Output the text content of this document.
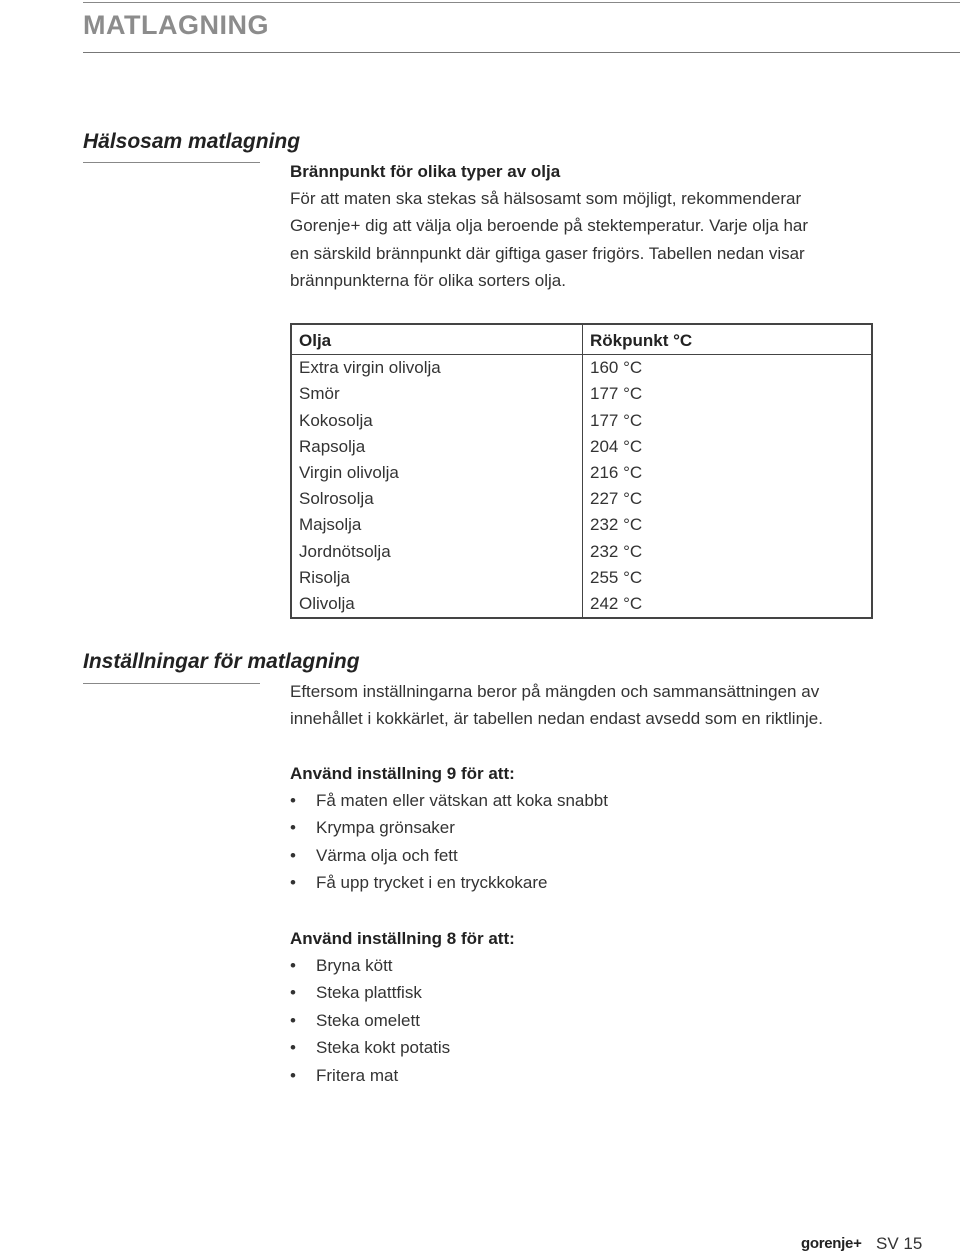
MATLAGNING
Hälsosam matlagning
Brännpunkt för olika typer av olja
För att maten ska stekas så hälsosamt som möjligt, rekommenderar
Gorenje+ dig att välja olja beroende på stektemperatur. Varje olja har
en särskild brännpunkt där giftiga gaser frigörs. Tabellen nedan visar
brännpunkterna för olika sorters olja.
Olja	Rökpunkt °C
Extra virgin olivolja	160 °C
Smör	177 °C
Kokosolja	177 °C
Rapsolja	204 °C
Virgin olivolja	216 °C
Solrosolja	227 °C
Majsolja	232 °C
Jordnötsolja	232 °C
Risolja	255 °C
Olivolja	242 °C
Inställningar för matlagning
Eftersom inställningarna beror på mängden och sammansättningen av
innehållet i kokkärlet, är tabellen nedan endast avsedd som en riktlinje.
Använd inställning 9 för att:
• Få maten eller vätskan att koka snabbt
• Krympa grönsaker
• Värma olja och fett
• Få upp trycket i en tryckkokare
Använd inställning 8 för att:
• Bryna kött
• Steka plattfisk
• Steka omelett
• Steka kokt potatis
• Fritera mat
gorenje+ SV 15
